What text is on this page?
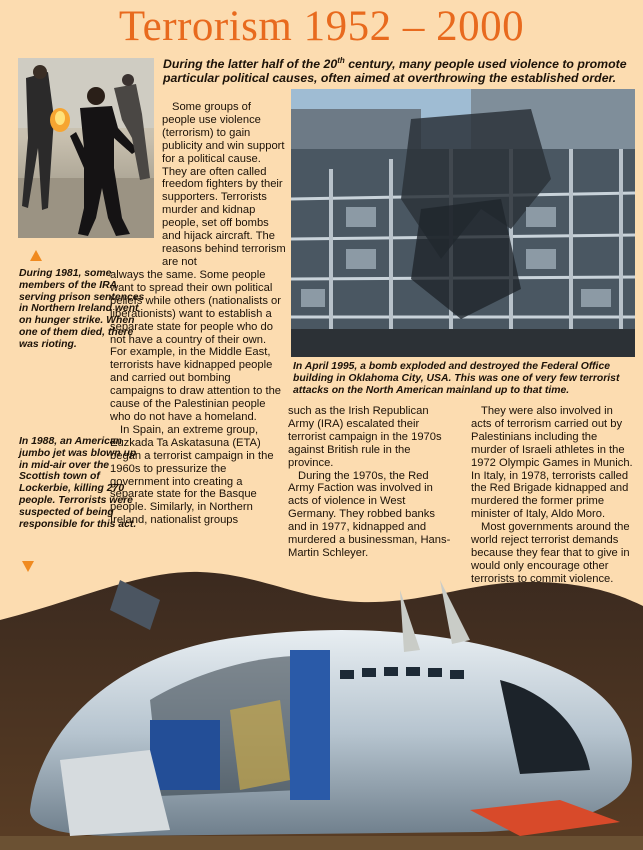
Terrorism 1952 – 2000
During the latter half of the 20th century, many people used violence to promote particular political causes, often aimed at overthrowing the established order.
During 1981, some members of the IRA serving prison sentences in Northern Ireland went on hunger strike. When one of them died, there was rioting.
In April 1995, a bomb exploded and destroyed the Federal Office building in Oklahoma City, USA. This was one of very few terrorist attacks on the North American mainland up to that time.
In 1988, an American jumbo jet was blown up in mid-air over the Scottish town of Lockerbie, killing 270 people. Terrorists were suspected of being responsible for this act.
Some groups of people use violence (terrorism) to gain publicity and win support for a political cause. They are often called freedom fighters by their supporters. Terrorists murder and kidnap people, set off bombs and hijack aircraft. The reasons behind terrorism are not
always the same. Some people want to spread their own political beliefs while others (nationalists or liberationists) want to establish a separate state for people who do not have a country of their own.
For example, in the Middle East, terrorists have kidnapped people and carried out bombing campaigns to draw attention to the cause of the Palestinian people who do not have a homeland.
In Spain, an extreme group, Euzkada Ta Askatasuna (ETA) began a terrorist campaign in the 1960s to pressurize the government into creating a separate state for the Basque people. Similarly, in Northern Ireland, nationalist groups
such as the Irish Republican Army (IRA) escalated their terrorist campaign in the 1970s against British rule in the province.
During the 1970s, the Red Army Faction was involved in acts of violence in West Germany. They robbed banks and in 1977, kidnapped and murdered a businessman, Hans-Martin Schleyer.
They were also involved in acts of terrorism carried out by Palestinians including the murder of Israeli athletes in the 1972 Olympic Games in Munich. In Italy, in 1978, terrorists called the Red Brigade kidnapped and murdered the former prime minister of Italy, Aldo Moro.
Most governments around the world reject terrorist demands because they fear that to give in would only encourage other terrorists to commit violence.
